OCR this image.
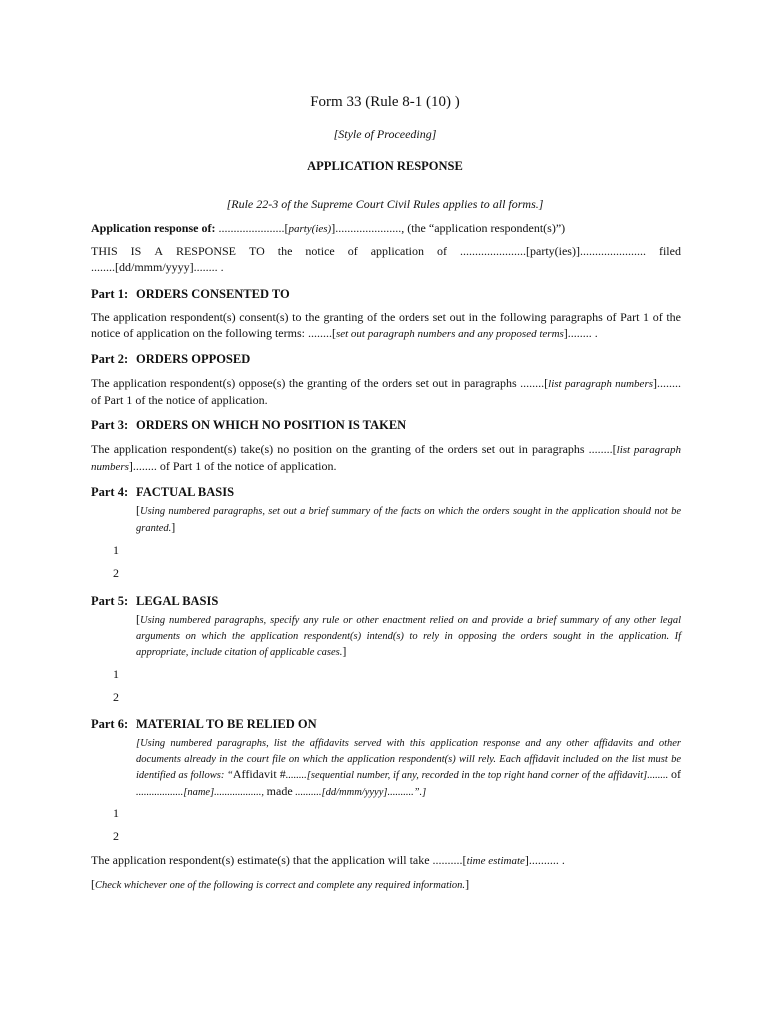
Form 33 (Rule 8-1 (10) )
[Style of Proceeding]
APPLICATION RESPONSE
[Rule 22-3 of the Supreme Court Civil Rules applies to all forms.]
Application response of: ......................[party(ies)]......................, (the “application respondent(s)”)
THIS IS A RESPONSE TO the notice of application of ......................[party(ies)]...................... filed
........[dd/mmm/yyyy]........ .
Part 1: ORDERS CONSENTED TO
The application respondent(s) consent(s) to the granting of the orders set out in the following paragraphs of Part 1 of the notice of application on the following terms: ........[set out paragraph numbers and any proposed terms]........ .
Part 2: ORDERS OPPOSED
The application respondent(s) oppose(s) the granting of the orders set out in paragraphs ........[list paragraph numbers]........ of Part 1 of the notice of application.
Part 3: ORDERS ON WHICH NO POSITION IS TAKEN
The application respondent(s) take(s) no position on the granting of the orders set out in paragraphs ........[list paragraph numbers]........ of Part 1 of the notice of application.
Part 4: FACTUAL BASIS
[Using numbered paragraphs, set out a brief summary of the facts on which the orders sought in the application should not be granted.]
1
2
Part 5: LEGAL BASIS
[Using numbered paragraphs, specify any rule or other enactment relied on and provide a brief summary of any other legal arguments on which the application respondent(s) intend(s) to rely in opposing the orders sought in the application. If appropriate, include citation of applicable cases.]
1
2
Part 6: MATERIAL TO BE RELIED ON
[Using numbered paragraphs, list the affidavits served with this application response and any other affidavits and other documents already in the court file on which the application respondent(s) will rely. Each affidavit included on the list must be identified as follows: “Affidavit #........[sequential number, if any, recorded in the top right hand corner of the affidavit]........ of ..................[name].................., made ..........[dd/mmm/yyyy]..........”.]
1
2
The application respondent(s) estimate(s) that the application will take ..........[time estimate].......... .
[Check whichever one of the following is correct and complete any required information.]
